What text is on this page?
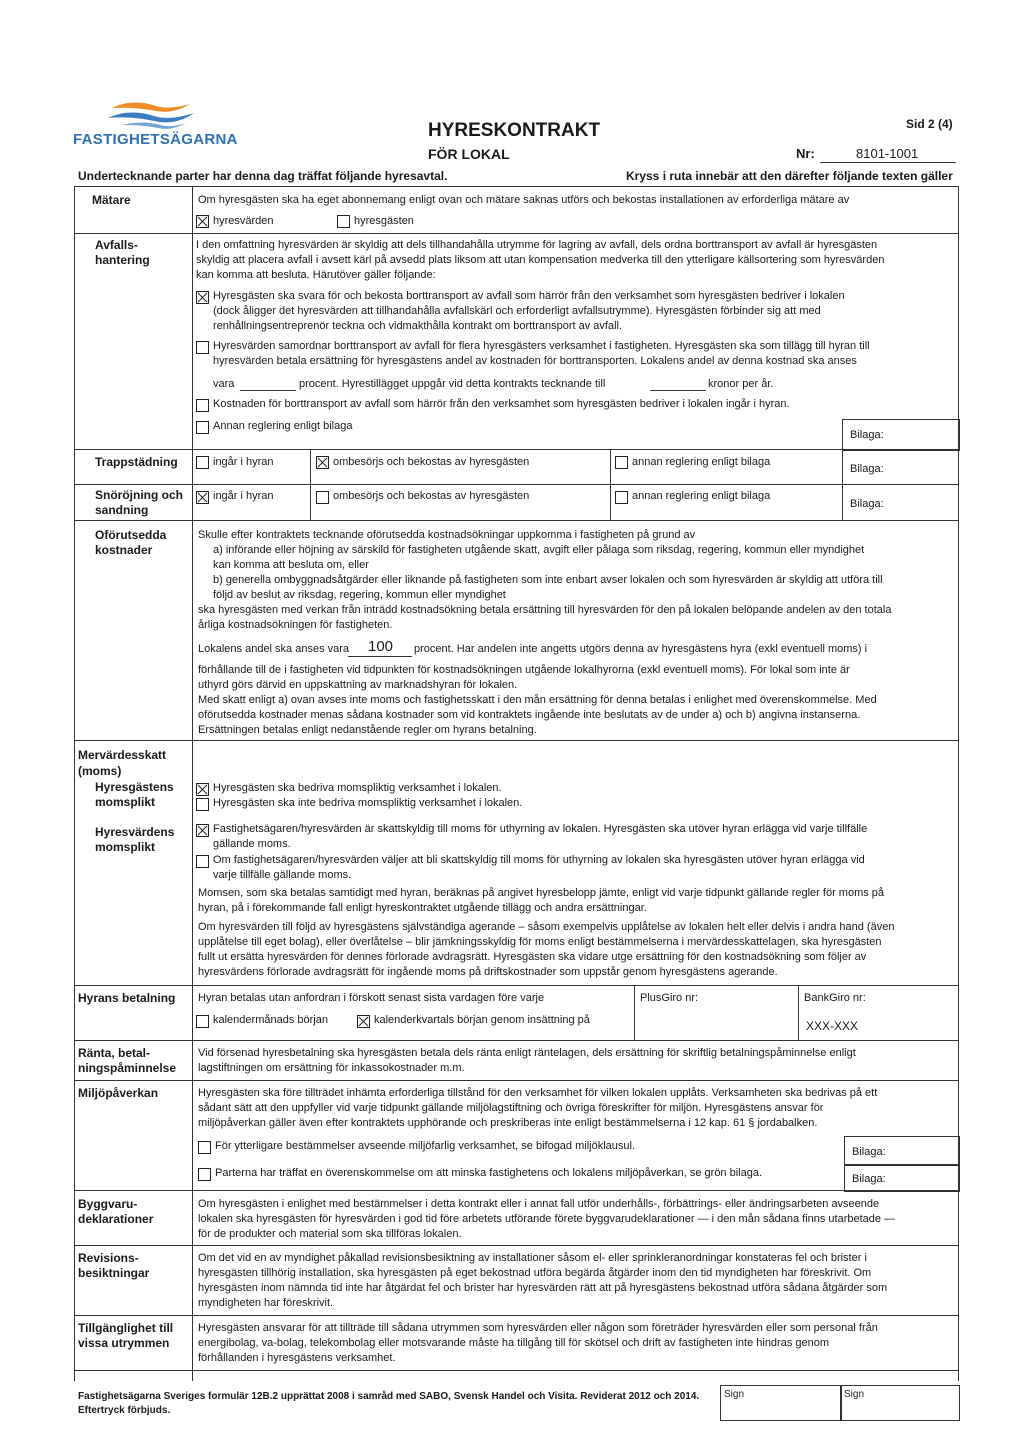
FASTIGHETSÄGARNA	HYRESKONTRAKT
FÖR LOKAL
Sid 2 (4)
Nr:	8101-1001
Undertecknande parter har denna dag träffat följande hyresavtal.	Kryss i ruta innebär att den därefter följande texten gäller
Mätare	Om hyresgästen ska ha eget abonnemang enligt ovan och mätare saknas utförs och bekostas installationen av erforderliga mätare av
hyresvärden	hyresgästen
Avfalls-
hantering
I den omfattning hyresvärden är skyldig att dels tillhandahålla utrymme för lagring av avfall, dels ordna borttransport av avfall är hyresgästen
skyldig att placera avfall i avsett kärl på avsedd plats liksom att utan kompensation medverka till den ytterligare källsortering som hyresvärden
kan komma att besluta. Härutöver gäller följande:
Hyresgästen ska svara för och bekosta borttransport av avfall som härrör från den verksamhet som hyresgästen bedriver i lokalen
(dock åligger det hyresvärden att tillhandahålla avfallskärl och erforderligt avfallsutrymme). Hyresgästen förbinder sig att med
renhållningsentreprenör teckna och vidmakthålla kontrakt om borttransport av avfall.
Hyresvärden samordnar borttransport av avfall för flera hyresgästers verksamhet i fastigheten. Hyresgästen ska som tillägg till hyran till
hyresvärden betala ersättning för hyresgästens andel av kostnaden för borttransporten. Lokalens andel av denna kostnad ska anses
vara	procent. Hyrestillägget uppgår vid detta kontrakts tecknande till	kronor per år.
Kostnaden för borttransport av avfall som härrör från den verksamhet som hyresgästen bedriver i lokalen ingår i hyran.
Annan reglering enligt bilaga
Bilaga:
Trappstädning	ingår i hyran	ombesörjs och bekostas av hyresgästen	annan reglering enligt bilaga
Bilaga:
Snöröjning och
sandning
ingår i hyran	ombesörjs och bekostas av hyresgästen	annan reglering enligt bilaga
Bilaga:
Oförutsedda
kostnader
Skulle efter kontraktets tecknande oförutsedda kostnadsökningar uppkomma i fastigheten på grund av
a) införande eller höjning av särskild för fastigheten utgående skatt, avgift eller pålaga som riksdag, regering, kommun eller myndighet
kan komma att besluta om, eller
b) generella ombyggnadsåtgärder eller liknande på fastigheten som inte enbart avser lokalen och som hyresvärden är skyldig att utföra till
följd av beslut av riksdag, regering, kommun eller myndighet
ska hyresgästen med verkan från inträdd kostnadsökning betala ersättning till hyresvärden för den på lokalen belöpande andelen av den totala
årliga kostnadsökningen för fastigheten.
Lokalens andel ska anses vara 100 procent. Har andelen inte angetts utgörs denna av hyresgästens hyra (exkl eventuell moms) i
förhållande till de i fastigheten vid tidpunkten för kostnadsökningen utgående lokalhyrorna (exkl eventuell moms). För lokal som inte är
uthyrd görs därvid en uppskattning av marknadshyran för lokalen.
Med skatt enligt a) ovan avses inte moms och fastighetsskatt i den mån ersättning för denna betalas i enlighet med överenskommelse. Med
oförutsedda kostnader menas sådana kostnader som vid kontraktets ingående inte beslutats av de under a) och b) angivna instanserna.
Ersättningen betalas enligt nedanstående regler om hyrans betalning.
Mervärdesskatt
(moms)
Hyresgästens
momsplikt
Hyresgästen ska bedriva momspliktig verksamhet i lokalen.
Hyresgästen ska inte bedriva momspliktig verksamhet i lokalen.
Hyresvärdens
momsplikt
Fastighetsägaren/hyresvärden är skattskyldig till moms för uthyrning av lokalen. Hyresgästen ska utöver hyran erlägga vid varje tillfälle
gällande moms.
Om fastighetsägaren/hyresvärden väljer att bli skattskyldig till moms för uthyrning av lokalen ska hyresgästen utöver hyran erlägga vid
varje tillfälle gällande moms.
Momsen, som ska betalas samtidigt med hyran, beräknas på angivet hyresbelopp jämte, enligt vid varje tidpunkt gällande regler för moms på
hyran, på i förekommande fall enligt hyreskontraktet utgående tillägg och andra ersättningar.
Om hyresvärden till följd av hyresgästens självständiga agerande – såsom exempelvis upplåtelse av lokalen helt eller delvis i andra hand (även
upplåtelse till eget bolag), eller överlåtelse – blir jämkningsskyldig för moms enligt bestämmelserna i mervärdesskattelagen, ska hyresgästen
fullt ut ersätta hyresvärden för dennes förlorade avdragsrätt. Hyresgästen ska vidare utge ersättning för den kostnadsökning som följer av
hyresvärdens förlorade avdragsrätt för ingående moms på driftskostnader som uppstår genom hyresgästens agerande.
Hyrans betalning Hyran betalas utan anfordran i förskott senast sista vardagen före varje
kalendermånads början	kalenderkvartals början genom insättning på
PlusGiro nr:	BankGiro nr:
XXX-XXX
Ränta, betal-
ningspåminnelse
Vid försenad hyresbetalning ska hyresgästen betala dels ränta enligt räntelagen, dels ersättning för skriftlig betalningspåminnelse enligt
lagstiftningen om ersättning för inkassokostnader m.m.
Miljöpåverkan	Hyresgästen ska före tillträdet inhämta erforderliga tillstånd för den verksamhet för vilken lokalen upplåts. Verksamheten ska bedrivas på ett
sådant sätt att den uppfyller vid varje tidpunkt gällande miljölagstiftning och övriga föreskrifter för miljön. Hyresgästens ansvar för
miljöpåverkan gäller även efter kontraktets upphörande och preskriberas inte enligt bestämmelserna i 12 kap. 61 § jordabalken.
För ytterligare bestämmelser avseende miljöfarlig verksamhet, se bifogad miljöklausul.	Bilaga:
Parterna har träffat en överenskommelse om att minska fastighetens och lokalens miljöpåverkan, se grön bilaga.	Bilaga:
Byggvaru-
deklarationer
Om hyresgästen i enlighet med bestämmelser i detta kontrakt eller i annat fall utför underhålls-, förbättrings- eller ändringsarbeten avseende
lokalen ska hyresgästen för hyresvärden i god tid före arbetets utförande förete byggvarudeklarationer — i den mån sådana finns utarbetade —
för de produkter och material som ska tillföras lokalen.
Revisions-
besiktningar
Om det vid en av myndighet påkallad revisionsbesiktning av installationer såsom el- eller sprinkleranordningar konstateras fel och brister i
hyresgästen tillhörig installation, ska hyresgästen på eget bekostnad utföra begärda åtgärder inom den tid myndigheten har föreskrivit. Om
hyresgästen inom nämnda tid inte har åtgärdat fel och brister har hyresvärden rätt att på hyresgästens bekostnad utföra sådana åtgärder som
myndigheten har föreskrivit.
Tillgänglighet till
vissa utrymmen
Hyresgästen ansvarar för att tillträde till sådana utrymmen som hyresvärden eller någon som företräder hyresvärden eller som personal från
energibolag, va-bolag, telekombolag eller motsvarande måste ha tillgång till för skötsel och drift av fastigheten inte hindras genom
förhållanden i hyresgästens verksamhet.
Fastighetsägarna Sveriges formulär 12B.2 upprättat 2008 i samråd med SABO, Svensk Handel och Visita. Reviderat 2012 och 2014.
Eftertryck förbjuds.
Sign	Sign
